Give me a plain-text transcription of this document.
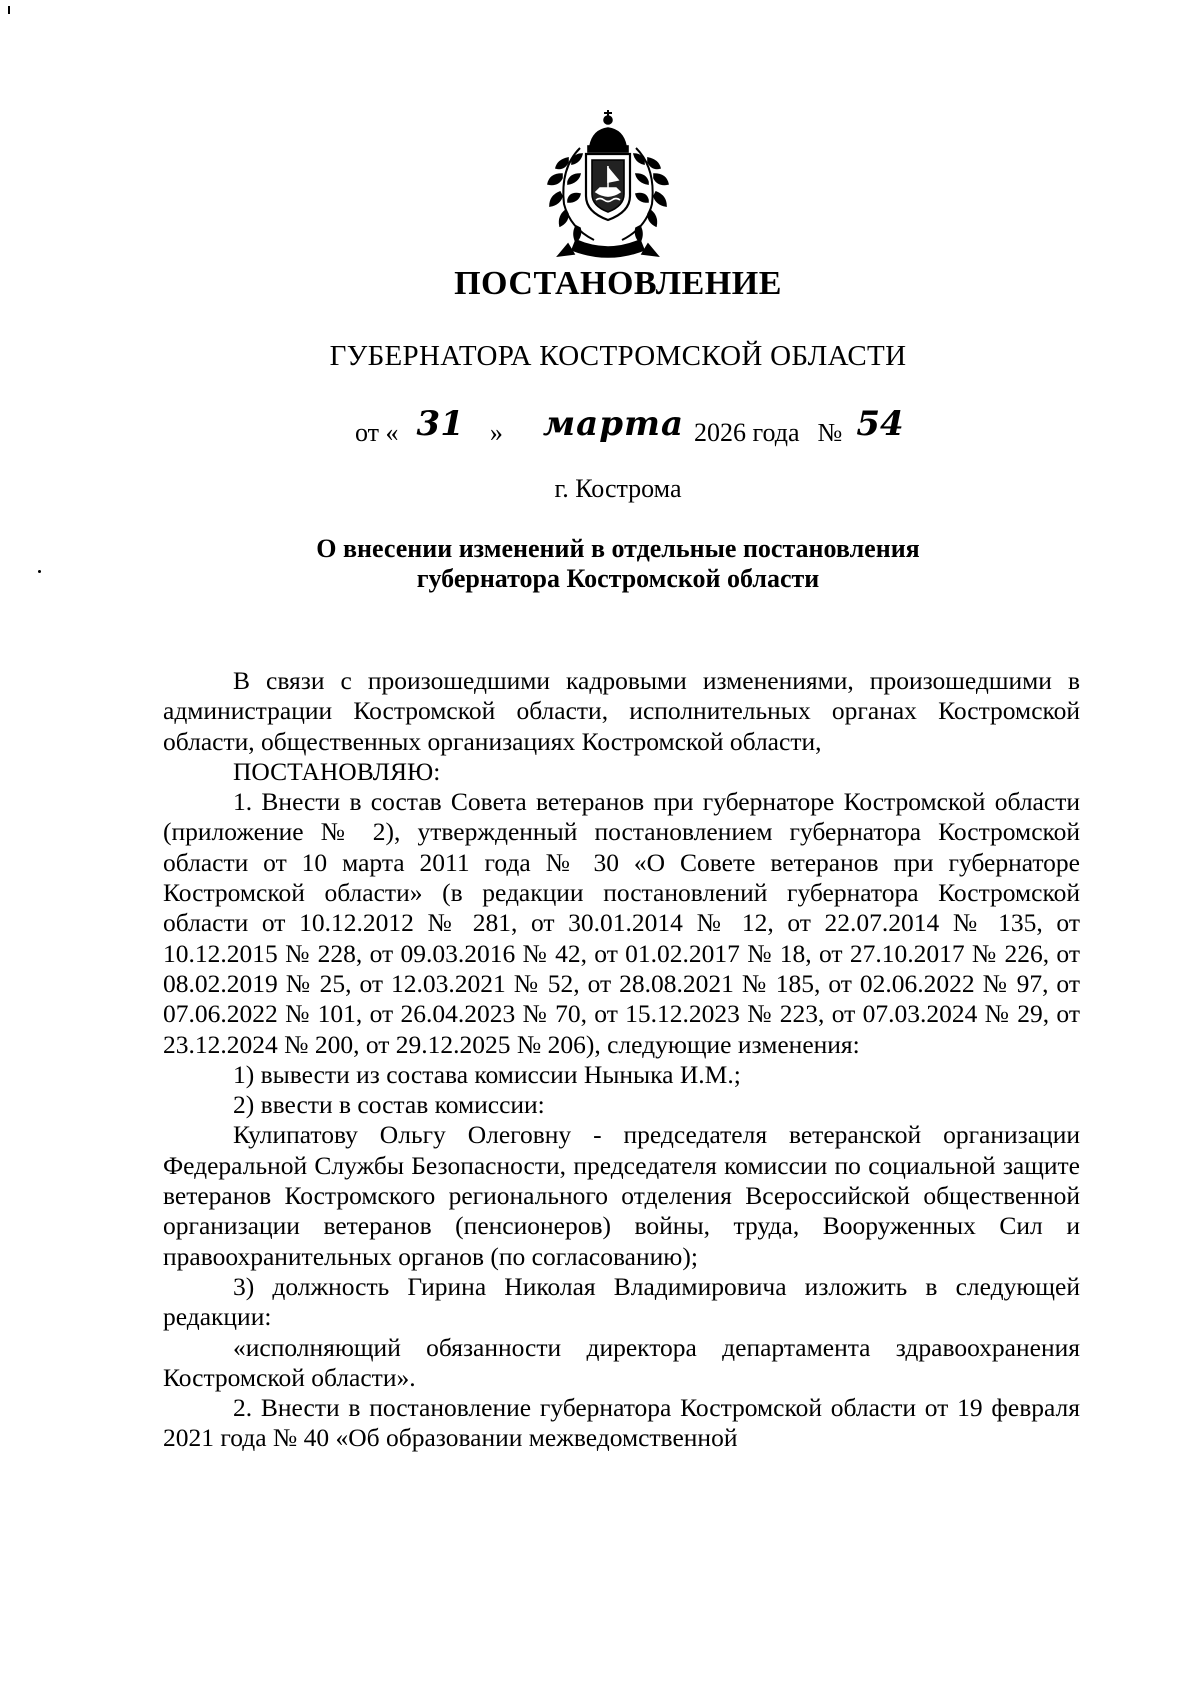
ПОСТАНОВЛЕНИЕ
ГУБЕРНАТОРА КОСТРОМСКОЙ ОБЛАСТИ
от « 31 » марта 2026 года № 54
г. Кострома
О внесении изменений в отдельные постановления
губернатора Костромской области

В связи с произошедшими кадровыми изменениями, произошедшими в администрации Костромской области, исполнительных органах Костромской области, общественных организациях Костромской области,

ПОСТАНОВЛЯЮ:

1. Внести в состав Совета ветеранов при губернаторе Костромской области (приложение № 2), утвержденный постановлением губернатора Костромской области от 10 марта 2011 года № 30 «О Совете ветеранов при губернаторе Костромской области» (в редакции постановлений губернатора Костромской области от 10.12.2012 № 281, от 30.01.2014 № 12, от 22.07.2014 № 135, от 10.12.2015 № 228, от 09.03.2016 № 42, от 01.02.2017 № 18, от 27.10.2017 № 226, от 08.02.2019 № 25, от 12.03.2021 № 52, от 28.08.2021 № 185, от 02.06.2022 № 97, от 07.06.2022 № 101, от 26.04.2023 № 70, от 15.12.2023 № 223, от 07.03.2024 № 29, от 23.12.2024 № 200, от 29.12.2025 № 206), следующие изменения:

1) вывести из состава комиссии Ныныка И.М.;

2) ввести в состав комиссии:

Кулипатову Ольгу Олеговну - председателя ветеранской организации Федеральной Службы Безопасности, председателя комиссии по социальной защите ветеранов Костромского регионального отделения Всероссийской общественной организации ветеранов (пенсионеров) войны, труда, Вооруженных Сил и правоохранительных органов (по согласованию);

3) должность Гирина Николая Владимировича изложить в следующей редакции:

«исполняющий обязанности директора департамента здравоохранения Костромской области».

2. Внести в постановление губернатора Костромской области от 19 февраля 2021 года № 40 «Об образовании межведомственной
